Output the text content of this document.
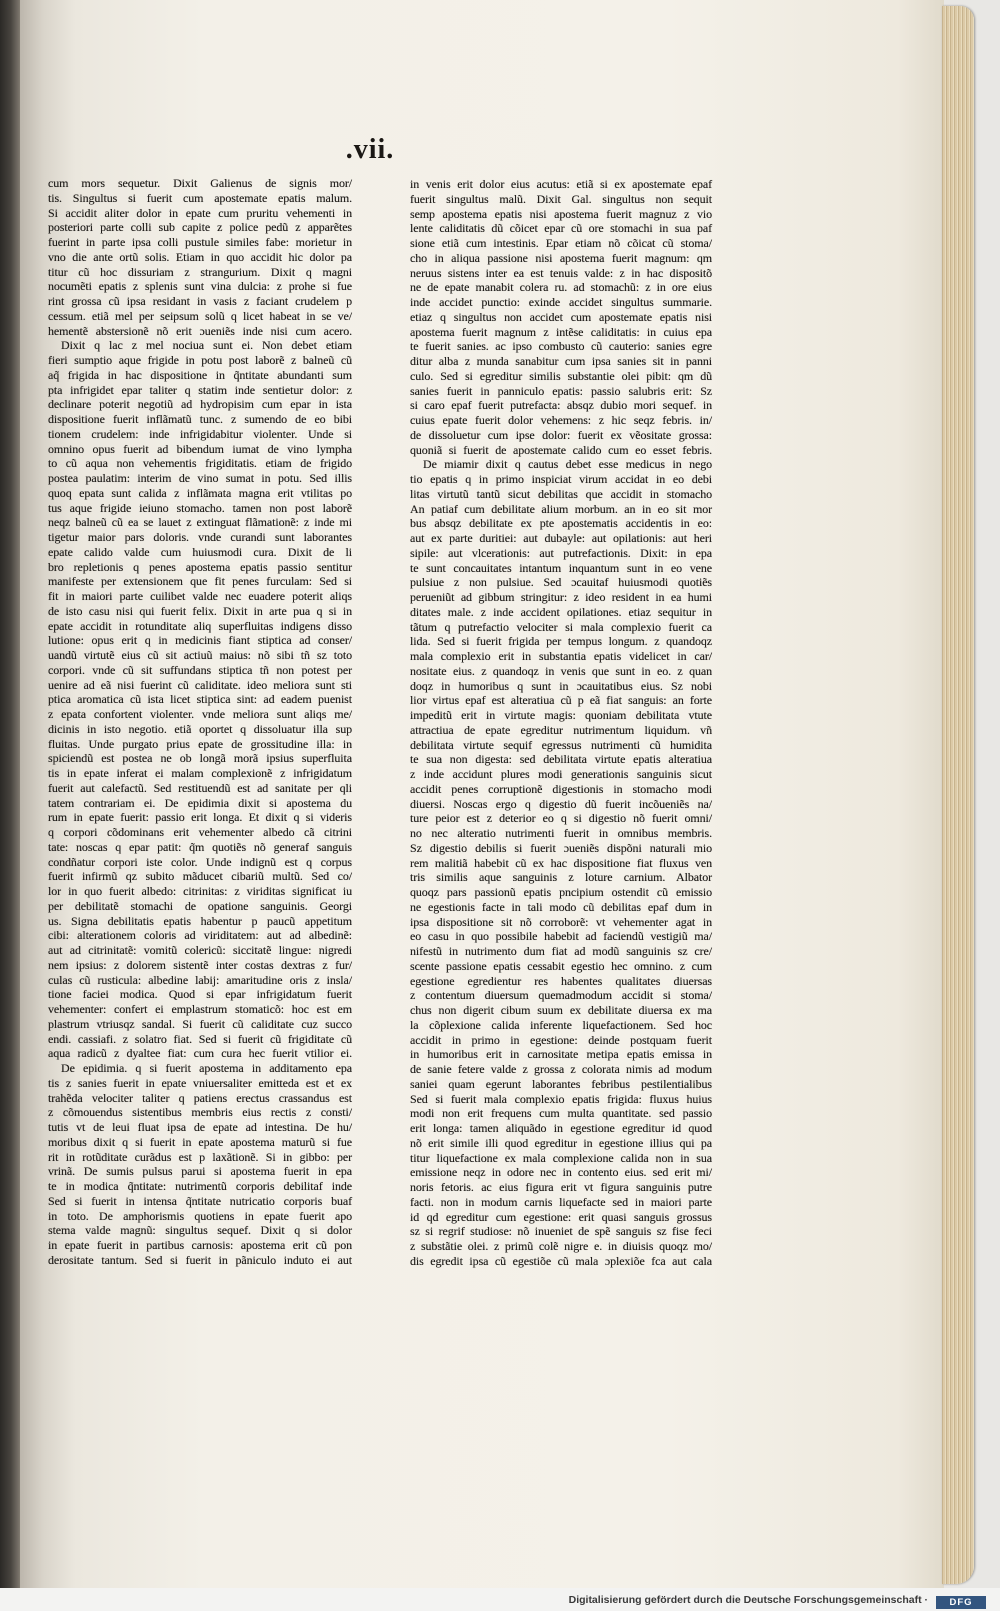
.vii.
cum mors sequetur. Dixit Galienus de signis mor/
tis. Singultus si fuerit cum apostemate epatis malum.
Si accidit aliter dolor in epate cum pruritu vehementi in
posteriori parte colli sub capite z police pedũ z apparẽtes
fuerint in parte ipsa colli pustule similes fabe: morietur in
vno die ante ortũ solis. Etiam in quo accidit hic dolor pa
titur cũ hoc dissuriam z strangurium. Dixit q magni
nocumẽti epatis z splenis sunt vina dulcia: z prohe si fue
rint grossa cũ ipsa residant in vasis z faciant crudelem p
cessum. etiã mel per seipsum solũ q licet habeat in se ve/
hementẽ abstersionẽ nõ erit ɔueniẽs inde nisi cum acero.
Dixit q lac z mel nociua sunt ei. Non debet etiam
fieri sumptio aque frigide in potu post laborẽ z balneũ cũ
aq̃ frigida in hac dispositione in q̃ntitate abundanti sum
pta infrigidet epar taliter q statim inde sentietur dolor: z
declinare poterit negotiũ ad hydropisim cum epar in ista
dispositione fuerit inflãmatũ tunc. z sumendo de eo bibi
tionem crudelem: inde infrigidabitur violenter. Unde si
omnino opus fuerit ad bibendum iumat de vino lympha
to cũ aqua non vehementis frigiditatis. etiam de frigido
postea paulatim: interim de vino sumat in potu. Sed illis
quoq epata sunt calida z inflãmata magna erit vtilitas po
tus aque frigide ieiuno stomacho. tamen non post laborẽ
neqz balneũ cũ ea se lauet z extinguat flãmationẽ: z inde mi
tigetur maior pars doloris. vnde curandi sunt laborantes
epate calido valde cum huiusmodi cura. Dixit de li
bro repletionis q penes apostema epatis passio sentitur
manifeste per extensionem que fit penes furculam: Sed si
fit in maiori parte cuilibet valde nec euadere poterit aliqs
de isto casu nisi qui fuerit felix. Dixit in arte pua q si in
epate accidit in rotunditate aliq superfluitas indigens disso
lutione: opus erit q in medicinis fiant stiptica ad conser/
uandũ virtutẽ eius cũ sit actiuũ maius: nõ sibi tñ sz toto
corpori. vnde cũ sit suffundans stiptica tñ non potest per
uenire ad eã nisi fuerint cũ caliditate. ideo meliora sunt sti
ptica aromatica cũ ista licet stiptica sint: ad eadem puenist
z epata confortent violenter. vnde meliora sunt aliqs me/
dicinis in isto negotio. etiã oportet q dissoluatur illa sup
fluitas. Unde purgato prius epate de grossitudine illa: in
spiciendũ est postea ne ob longã morã ipsius superfluita
tis in epate inferat ei malam complexionẽ z infrigidatum
fuerit aut calefactũ. Sed restituendũ est ad sanitate per qli
tatem contrariam ei. De epidimia dixit si apostema du
rum in epate fuerit: passio erit longa. Et dixit q si videris
q corpori cõdominans erit vehementer albedo cã citrini
tate: noscas q epar patit: q̃m quotiẽs nõ generaf sanguis
condñatur corpori iste color. Unde indignũ est q corpus
fuerit infirmũ qz subito mãducet cibariũ multũ. Sed co/
lor in quo fuerit albedo: citrinitas: z viriditas significat iu
per debilitatẽ stomachi de opatione sanguinis. Georgi
us. Signa debilitatis epatis habentur p paucũ appetitum
cibi: alterationem coloris ad viriditatem: aut ad albedinẽ:
aut ad citrinitatẽ: vomitũ colericũ: siccitatẽ lingue: nigredi
nem ipsius: z dolorem sistentẽ inter costas dextras z fur/
culas cũ rusticula: albedine labij: amaritudine oris z insla/
tione faciei modica. Quod si epar infrigidatum fuerit
vehementer: confert ei emplastrum stomaticõ: hoc est em
plastrum vtriusqz sandal. Si fuerit cũ caliditate cuz succo
endi. cassiafi. z solatro fiat. Sed si fuerit cũ frigiditate cũ
aqua radicũ z dyaltee fiat: cum cura hec fuerit vtilior ei.
De epidimia. q si fuerit apostema in additamento epa
tis z sanies fuerit in epate vniuersaliter emitteda est et ex
trahẽda velociter taliter q patiens erectus crassandus est
z cõmouendus sistentibus membris eius rectis z consti/
tutis vt de leui fluat ipsa de epate ad intestina. De hu/
moribus dixit q si fuerit in epate apostema maturũ si fue
rit in rotũditate curãdus est p laxãtionẽ. Si in gibbo: per
vrinã. De sumis pulsus parui si apostema fuerit in epa
te in modica q̃ntitate: nutrimentũ corporis debilitaf inde
Sed si fuerit in intensa q̃ntitate nutricatio corporis buaf
in toto. De amphorismis quotiens in epate fuerit apo
stema valde magnũ: singultus sequef. Dixit q si dolor
in epate fuerit in partibus carnosis: apostema erit cũ pon
derositate tantum. Sed si fuerit in pãniculo induto ei aut
in venis erit dolor eius acutus: etiã si ex apostemate epaf
fuerit singultus malũ. Dixit Gal. singultus non sequit
semp apostema epatis nisi apostema fuerit magnuz z vio
lente caliditatis dũ cõicet epar cũ ore stomachi in sua paf
sione etiã cum intestinis. Epar etiam nõ cõicat cũ stoma/
cho in aliqua passione nisi apostema fuerit magnum: qm
neruus sistens inter ea est tenuis valde: z in hac dispositõ
ne de epate manabit colera ru. ad stomachũ: z in ore eius
inde accidet punctio: exinde accidet singultus summarie.
etiaz q singultus non accidet cum apostemate epatis nisi
apostema fuerit magnum z intẽse caliditatis: in cuius epa
te fuerit sanies. ac ipso combusto cũ cauterio: sanies egre
ditur alba z munda sanabitur cum ipsa sanies sit in panni
culo. Sed si egreditur similis substantie olei pibit: qm dũ
sanies fuerit in panniculo epatis: passio salubris erit: Sz
si caro epaf fuerit putrefacta: absqz dubio mori sequef. in
cuius epate fuerit dolor vehemens: z hic seqz febris. in/
de dissoluetur cum ipse dolor: fuerit ex vẽositate grossa:
quoniã si fuerit de apostemate calido cum eo esset febris.
De miamir dixit q cautus debet esse medicus in nego
tio epatis q in primo inspiciat virum accidat in eo debi
litas virtutũ tantũ sicut debilitas que accidit in stomacho
An patiaf cum debilitate alium morbum. an in eo sit mor
bus absqz debilitate ex pte apostematis accidentis in eo:
aut ex parte duritiei: aut dubayle: aut opilationis: aut heri
sipile: aut vlcerationis: aut putrefactionis. Dixit: in epa
te sunt concauitates intantum inquantum sunt in eo vene
pulsiue z non pulsiue. Sed ɔcauitaf huiusmodi quotiẽs
perueniũt ad gibbum stringitur: z ideo resident in ea humi
ditates male. z inde accident opilationes. etiaz sequitur in
tãtum q putrefactio velociter si mala complexio fuerit ca
lida. Sed si fuerit frigida per tempus longum. z quandoqz
mala complexio erit in substantia epatis videlicet in car/
nositate eius. z quandoqz in venis que sunt in eo. z quan
doqz in humoribus q sunt in ɔcauitatibus eius. Sz nobi
lior virtus epaf est alteratiua cũ p eã fiat sanguis: an forte
impeditũ erit in virtute magis: quoniam debilitata vtute
attractiua de epate egreditur nutrimentum liquidum. vñ
debilitata virtute sequif egressus nutrimenti cũ humidita
te sua non digesta: sed debilitata virtute epatis alteratiua
z inde accidunt plures modi generationis sanguinis sicut
accidit penes corruptionẽ digestionis in stomacho modi
diuersi. Noscas ergo q digestio dũ fuerit incõueniẽs na/
ture peior est z deterior eo q si digestio nõ fuerit omni/
no nec alteratio nutrimenti fuerit in omnibus membris.
Sz digestio debilis si fuerit ɔueniẽs dispõni naturali mio
rem malitiã habebit cũ ex hac dispositione fiat fluxus ven
tris similis aque sanguinis z loture carnium. Albator
quoqz pars passionũ epatis pncipium ostendit cũ emissio
ne egestionis facte in tali modo cũ debilitas epaf dum in
ipsa dispositione sit nõ corroborẽ: vt vehementer agat in
eo casu in quo possibile habebit ad faciendũ vestigiũ ma/
nifestũ in nutrimento dum fiat ad modũ sanguinis sz cre/
scente passione epatis cessabit egestio hec omnino. z cum
egestione egredientur res habentes qualitates diuersas
z contentum diuersum quemadmodum accidit si stoma/
chus non digerit cibum suum ex debilitate diuersa ex ma
la cõplexione calida inferente liquefactionem. Sed hoc
accidit in primo in egestione: deinde postquam fuerit
in humoribus erit in carnositate metipa epatis emissa in
de sanie fetere valde z grossa z colorata nimis ad modum
saniei quam egerunt laborantes febribus pestilentialibus
Sed si fuerit mala complexio epatis frigida: fluxus huius
modi non erit frequens cum multa quantitate. sed passio
erit longa: tamen aliquãdo in egestione egreditur id quod
nõ erit simile illi quod egreditur in egestione illius qui pa
titur liquefactione ex mala complexione calida non in sua
emissione neqz in odore nec in contento eius. sed erit mi/
noris fetoris. ac eius figura erit vt figura sanguinis putre
facti. non in modum carnis liquefacte sed in maiori parte
id qd egreditur cum egestione: erit quasi sanguis grossus
sz si regrif studiose: nõ inueniet de spẽ sanguis sz fise feci
z substãtie olei. z primũ colẽ nigre e. in diuisis quoqz mo/
dis egredit ipsa cũ egestiõe cũ mala ɔplexiõe fca aut cala
Digitalisierung gefördert durch die Deutsche Forschungsgemeinschaft ·	DFG
